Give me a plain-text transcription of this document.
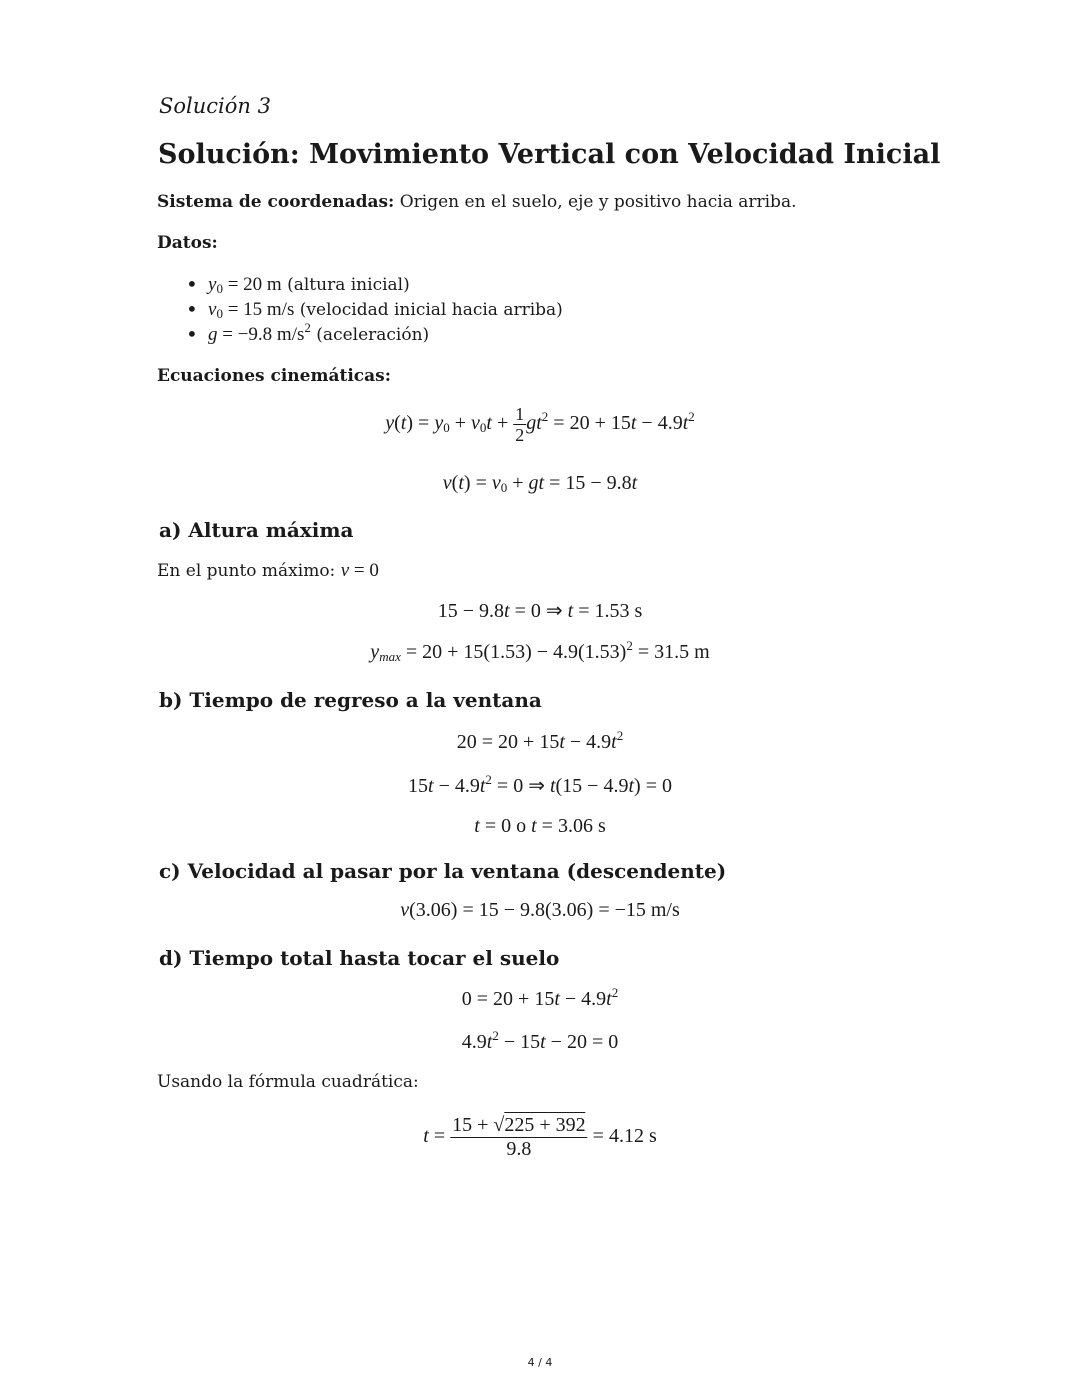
Solución 3
Solución: Movimiento Vertical con Velocidad Inicial
Sistema de coordenadas: Origen en el suelo, eje y positivo hacia arriba.
Datos:
• $y_0 = 20$ m (altura inicial)
• $v_0 = 15$ m/s (velocidad inicial hacia arriba)
• g = −9.8 $m/s^2$ (aceleración)
Ecuaciones cinemáticas:
$y(t) = y_0 + v_0t + \frac{1}{2} gt^2 = 20 + 15t - 4.9t^2$
$v(t) = v_0$ + gt = 15 − 9.8t
a) Altura máxima
En el punto máximo: v = 0
15 − 9.8t = 0 ⇒ t = 1.53 s
$y_{max} = 20 + 15(1.53) - 4.9(1.53)^2 = 31.5$ m
b) Tiempo de regreso a la ventana
$20 = 20 + 15t - 4.9t^2$
$15t - 4.9t^2 = 0$ ⇒ t(15 − 4.9t) = 0
t = 0 o t = 3.06 s
c) Velocidad al pasar por la ventana (descendente)
v(3.06) = 15 − 9.8(3.06) = −15 m/s
d) Tiempo total hasta tocar el suelo
$0 = 20 + 15t - 4.9t^2$
$4.9t^2 - 15t - 20 = 0$
Usando la fórmula cuadrática:
$t = \frac{15 + √225 + 392}{9.8} = 4.12$ s
4 / 4
